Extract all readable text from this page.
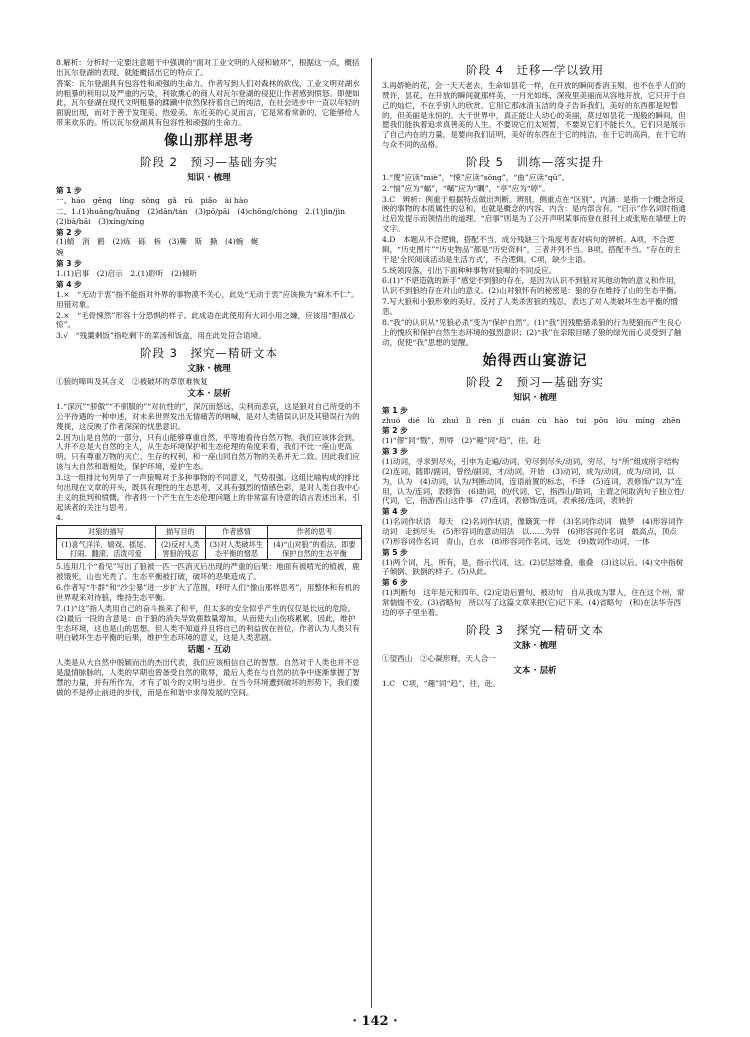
8.解析：分析时一定要注意题干中强调的“面对工业文明的入侵和破坏”，根据这一点，概括出瓦尔登湖的表现，就能概括出它的特点了。

答案：瓦尔登湖具有包容性和顽强的生命力。作者写到人们对森林的砍伐，工业文明对湖水的粗暴的利用以及严重的污染，利欲熏心的商人对瓦尔登湖的侵犯让作者感到愤怒。即便如此，瓦尔登湖在现代文明粗暴的蹂躏中依然保持着自己的纯洁，在社会进步中一直以年轻的面貌出现，而对于善于发现美、热爱美、东近美的心灵而言，它是常看常新的，它能够给人带来欢乐的。所以瓦尔登湖具有包容性和顽强的生命力。

像山那样思考
阶段 2　预习—基础夯实
知识 · 梳理
第 1 步

一、háo　gēng　líng　sǒng　gǎ　rǔ　piǎo　ài hào

二、1.(1)huāng/huǎng　(2)dān/tán　(3)pō/pāi　(4)chōng/chòng　2.(1)jìn/jìn　(2)bà/bāi　(3)xíng/xíng

第 2 步

(1)蜻　消　鹤　(2)炼　砾　柝　(3)嘶　斯　撕　(4)蜿　蜒

婉

第 3 步

1.(1)启事　(2)启示　2.(1)聆听　(2)倾听

第 4 步

1.×　“无动于衷”指不能指对外界的事物漠不关心，此处“无动于衷”应该换为“麻木不仁”。用错对象。

2.×　“毛骨悚然”形容十分恐惧的样子。此成语在此使用有大词小用之嫌，应该用“胆战心惊”。

3.√　“残羹剩饭”指吃剩下的菜汤和饭盒，用在此处符合语境。

阶段 3　探究—精研文本
文脉 · 梳理

①狼的嗥叫及其含义　②被破坏的草原难恢复

文本 · 层析

1.“深沉”“骄傲”“不驯服的”“对抗性的”，深沉而悠远，尖利而悲哀，这是狼对自己所受的不公平待遇的一种申述，对未来世界发出无情痛苦的呐喊，是对人类错误认识及其错误行为的蔑视，这反映了作者深深的忧患意识。

2.因为山是自然的一部分，只有山能够尊重自然，平等地看待自然万物。我们应该体会到，人并不总是大自然的主人，从生态环境保护和生态伦理的角度来看，我们不比一座山更高明。只有尊重万物的灭亡、生存的权利，和一座山同自然万物的关系并无二致。因此我们应该与大自然和谐相处，保护环境，爱护生态。

3.这一组排比句列举了一声狼嗥对于多种事物的不同意义，气势很强。这组比喻构成的排比句出现在文章的开头，既具有理性的生态思考，又具有强烈的情感色彩，是对人类自我中心主义的批判和愤慨。作者将一个产生在生态伦理问题上的非常富有诗意的语言表述出来，引起读者的关注与思考。

4.

对狼的描写	描写目的	作者感情	作者的思考
(1)喜气洋洋、嬉戏、摇尾、打闹、翻滚、活泼可爱	(2)反衬人类害狼的残忍	(3)对人类破坏生态平衡的憎恶	(4)“山对狼”的看法，即要保护自然的生态平衡

5.连用几个“看见”写出了狼被一匹一匹消灭后出现的严重的后果：地面有被啃光的植被，鹿被饿死，山也光秃了。生态平衡被打破，破坏的恶果造成了。

6.作者写“牛群”和“沙尘暴”进一步扩大了范围，呼吁人们“像山那样思考”，用整体和有机的世界观来对待狼，维持生态平衡。

7.(1)“这”指人类用自己的奋斗换来了和平，但太多的安全似乎产生的仅仅是长远的危险。(2)最后一段的含意是：由于狼的消失导致鹿数量增加，从而使大山伤痕累累，因此，维护生态环境，这也是山的思想。但人类不知道并且将自己的利益放在首位，作者认为人类只有明白破坏生态平衡的后果，维护生态环境的意义，这是人类悲剧。

话题 · 互动

人类是从大自然中脱颖而出的杰出代表，我们应该相信自己的智慧。自然对于人类也并不总是温情脉脉的，人类的早期也曾备受自然的欺辱，最后人类在与自然的抗争中逐渐掌握了智慧的力量，并有所作为，才有了如今的文明与进步。在当今环境遭到破坏的形势下，我们要做的不是停止前进的步伐，而是在和谐中求得发展的空间。

阶段 4　迁移—学以致用

3.再娇艳的花，会一天天老去，生命如昙花一样，在开放的瞬间香消玉殒，也不在乎人们的赞许，昙花，在开放的瞬间就那样美，一月光如练，深夜里美丽而从容地开放，它只开于自己的灿烂，不在乎别人的欣赏。它用它那冰清玉洁的身子告诉我们，美好的东西都是短暂的，但美丽是永恒的。大千世界中，真正能让人动心的美丽，莫过如昙花一现般的瞬间，但愿我们能执着追求真善美的人生。不要说它们太短暂，不要说它们不能长久，它们只是展示了自己内在的力量，是要向我们证明，美好的东西在于它的纯洁，在于它的高尚，在于它的与众不同的品格。

阶段 5　训练—落实提升

1.“蔑”应读“miè”，“悚”应读“sǒng”，“曲”应读“qū”。

2.“愊”应为“蝠”，“嘱”应为“瞩”，“亭”应为“婷”。

3.C　辨析：例重于根据特点做出判断。辨别，侧重点在“区别”。内涵：是指一个概念所反映的事物的本质属性的总和，也就是概念的内容。内含：是内部含有。“启示”作名词时指通过启发提示而领悟出的道理。“启事”则是为了公开声明某事而登在报刊上或张贴在墙壁上的文字。

4.D　本题从不合逻辑、搭配不当、成分残缺三个角度考查对病句的辨析。A项，不合逻辑，“历史图片”“历史物品”都是“历史资料”，三者并列不当。B项，搭配不当。“存在的主干是‘全民阅读活动是生活方式’，不合逻辑。C项，缺少主语。

5.统领段落，引出下面种种事物对狼嗥的不同反应。

6.(1)“不堪造就的新手”感觉不到狼的存在，是因为认识不到狼对其他动物的意义和作用，认识不到狼的存在对山的意义。(2)山对狼怀有的秘密是：狼的存在维持了山的生态平衡。

7.写大狼和小狼形象的美好，反衬了人类杀害狼的残忍，表达了对人类破坏生态平衡的憎恶。

8.“我”的认识从“见狼必杀”变为“保护自然”。(1)“我”因残酷猎杀狼的行为使狼而产生良心上的愧疚和保护自然生态环境的强烈意识；(2)“我”在亲眼目睹了狼的绿光而心灵受到了触动，促使“我”思想的觉醒。

始得西山宴游记
阶段 2　预习—基础夯实
知识 · 梳理
第 1 步

zhuó　dié　lù　zhuì　lì　rèn　jí　cuán　cù　hào　tuí　pǒu　lóu　míng　zhēn

第 2 步

(1)“僇”同“戮”，刑辱　(2)“趣”同“趋”，往，赴

第 3 步

(1)动词，寻求到尽头，引申为走遍/动词，穷尽到尽头/动词，穷尽，与“所”组成所字结构　(2)连词，随即/副词，曾经/副词，才/动词，开始　(3)动词，成为/动词，成为/动词，以为，认为　(4)动词，认为/判断动词，连语前置的标志，不译　(5)连词，表修饰/“以为”连用，认为/连词，表修饰　(6)助词，的/代词，它，指西山/助词，主谓之间取消句子独立性/代词，它，指游西山这件事　(7)连词，表修饰/连词，表承接/连词，表转折

第 4 步

(1)名词作状语　每天　(2)名词作状语，像簸箕一样　(3)名词作动词　做梦　(4)形容词作动词　走到尽头　(5)形容词的意动用法　以……为异　(6)形容词作名词　最高点，顶点　(7)形容词作名词　青山，白水　(8)形容词作名词，远处　(9)数词作动词，一体

第 5 步

(1)两个词，凡，所有，是，指示代词，这。(2)层层堆叠，重叠　(3)这以后。(4)文中指树子倾倒、趺倒的样子。(5)从此。

第 6 步

(1)判断句　这年是元和四年。(2)定语后置句、被动句　自从我成为罪人，住在这个州，常常惴惴不安。(3)省略句　所以写了这篇文章来把(它)记下来。(4)省略句　(和)在法华寺西边的亭子里坐着。

阶段 3　探究—精研文本
文脉 · 梳理

①望西山　②心凝形释，天人合一

文本 · 层析

1.C　C项，“趣”同“趋”，往，赴。

· 142 ·
